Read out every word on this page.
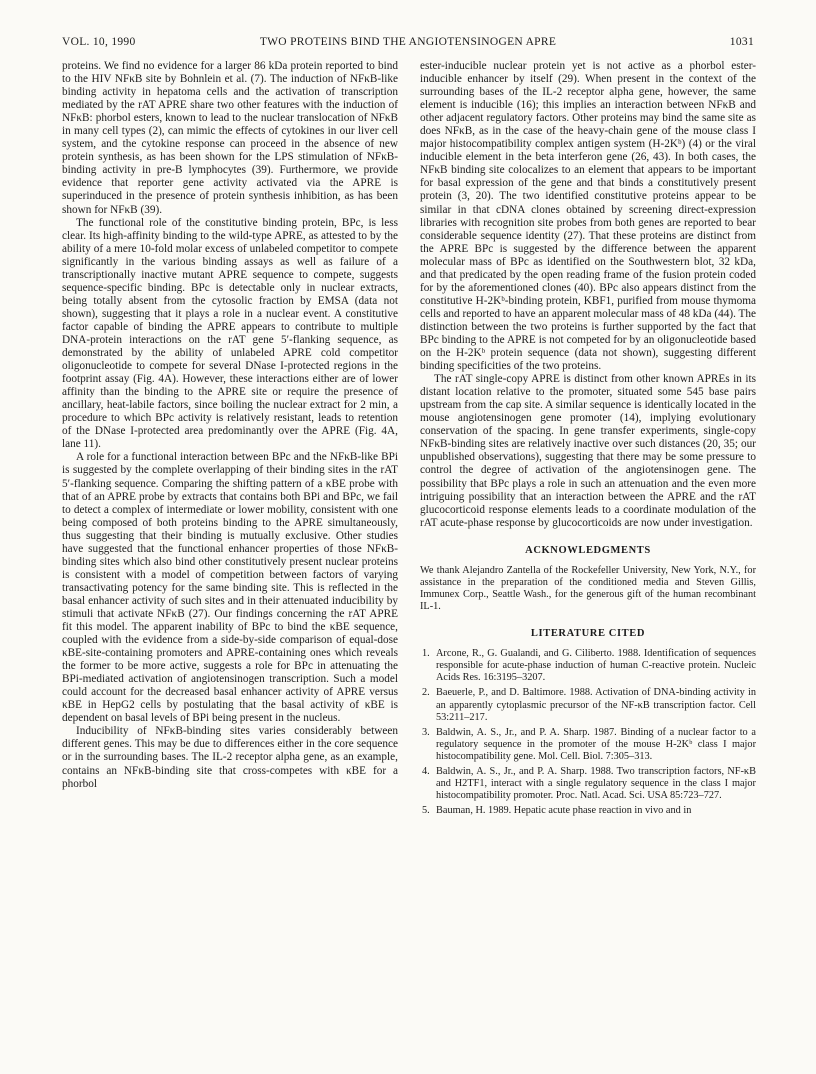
VOL. 10, 1990	TWO PROTEINS BIND THE ANGIOTENSINOGEN APRE	1031

proteins. We find no evidence for a larger 86 kDa protein reported to bind to the HIV NFκB site by Bohnlein et al. (7). The induction of NFκB-like binding activity in hepatoma cells and the activation of transcription mediated by the rAT APRE share two other features with the induction of NFκB: phorbol esters, known to lead to the nuclear translocation of NFκB in many cell types (2), can mimic the effects of cytokines in our liver cell system, and the cytokine response can proceed in the absence of new protein synthesis, as has been shown for the LPS stimulation of NFκB-binding activity in pre-B lymphocytes (39). Furthermore, we provide evidence that reporter gene activity activated via the APRE is superinduced in the presence of protein synthesis inhibition, as has been shown for NFκB (39).

The functional role of the constitutive binding protein, BPc, is less clear. Its high-affinity binding to the wild-type APRE, as attested to by the ability of a mere 10-fold molar excess of unlabeled competitor to compete significantly in the various binding assays as well as failure of a transcriptionally inactive mutant APRE sequence to compete, suggests sequence-specific binding. BPc is detectable only in nuclear extracts, being totally absent from the cytosolic fraction by EMSA (data not shown), suggesting that it plays a role in a nuclear event. A constitutive factor capable of binding the APRE appears to contribute to multiple DNA-protein interactions on the rAT gene 5′-flanking sequence, as demonstrated by the ability of unlabeled APRE cold competitor oligonucleotide to compete for several DNase I-protected regions in the footprint assay (Fig. 4A). However, these interactions either are of lower affinity than the binding to the APRE site or require the presence of ancillary, heat-labile factors, since boiling the nuclear extract for 2 min, a procedure to which BPc activity is relatively resistant, leads to retention of the DNase I-protected area predominantly over the APRE (Fig. 4A, lane 11).

A role for a functional interaction between BPc and the NFκB-like BPi is suggested by the complete overlapping of their binding sites in the rAT 5′-flanking sequence. Comparing the shifting pattern of a κBE probe with that of an APRE probe by extracts that contains both BPi and BPc, we fail to detect a complex of intermediate or lower mobility, consistent with one being composed of both proteins binding to the APRE simultaneously, thus suggesting that their binding is mutually exclusive. Other studies have suggested that the functional enhancer properties of those NFκB-binding sites which also bind other constitutively present nuclear proteins is consistent with a model of competition between factors of varying transactivating potency for the same binding site. This is reflected in the basal enhancer activity of such sites and in their attenuated inducibility by stimuli that activate NFκB (27). Our findings concerning the rAT APRE fit this model. The apparent inability of BPc to bind the κBE sequence, coupled with the evidence from a side-by-side comparison of equal-dose κBE-site-containing promoters and APRE-containing ones which reveals the former to be more active, suggests a role for BPc in attenuating the BPi-mediated activation of angiotensinogen transcription. Such a model could account for the decreased basal enhancer activity of APRE versus κBE in HepG2 cells by postulating that the basal activity of κBE is dependent on basal levels of BPi being present in the nucleus.

Inducibility of NFκB-binding sites varies considerably between different genes. This may be due to differences either in the core sequence or in the surrounding bases. The IL-2 receptor alpha gene, as an example, contains an NFκB-binding site that cross-competes with κBE for a phorbol

ester-inducible nuclear protein yet is not active as a phorbol ester-inducible enhancer by itself (29). When present in the context of the surrounding bases of the IL-2 receptor alpha gene, however, the same element is inducible (16); this implies an interaction between NFκB and other adjacent regulatory factors. Other proteins may bind the same site as does NFκB, as in the case of the heavy-chain gene of the mouse class I major histocompatibility complex antigen system (H-2Kᵇ) (4) or the viral inducible element in the beta interferon gene (26, 43). In both cases, the NFκB binding site colocalizes to an element that appears to be important for basal expression of the gene and that binds a constitutively present protein (3, 20). The two identified constitutive proteins appear to be similar in that cDNA clones obtained by screening direct-expression libraries with recognition site probes from both genes are reported to bear considerable sequence identity (27). That these proteins are distinct from the APRE BPc is suggested by the difference between the apparent molecular mass of BPc as identified on the Southwestern blot, 32 kDa, and that predicated by the open reading frame of the fusion protein coded for by the aforementioned clones (40). BPc also appears distinct from the constitutive H-2Kᵇ-binding protein, KBF1, purified from mouse thymoma cells and reported to have an apparent molecular mass of 48 kDa (44). The distinction between the two proteins is further supported by the fact that BPc binding to the APRE is not competed for by an oligonucleotide based on the H-2Kᵇ protein sequence (data not shown), suggesting different binding specificities of the two proteins.

The rAT single-copy APRE is distinct from other known APREs in its distant location relative to the promoter, situated some 545 base pairs upstream from the cap site. A similar sequence is identically located in the mouse angiotensinogen gene promoter (14), implying evolutionary conservation of the spacing. In gene transfer experiments, single-copy NFκB-binding sites are relatively inactive over such distances (20, 35; our unpublished observations), suggesting that there may be some pressure to control the degree of activation of the angiotensinogen gene. The possibility that BPc plays a role in such an attenuation and the even more intriguing possibility that an interaction between the APRE and the rAT glucocorticoid response elements leads to a coordinate modulation of the rAT acute-phase response by glucocorticoids are now under investigation.

ACKNOWLEDGMENTS

We thank Alejandro Zantella of the Rockefeller University, New York, N.Y., for assistance in the preparation of the conditioned media and Steven Gillis, Immunex Corp., Seattle Wash., for the generous gift of the human recombinant IL-1.

LITERATURE CITED
1. Arcone, R., G. Gualandi, and G. Ciliberto. 1988. Identification of sequences responsible for acute-phase induction of human C-reactive protein. Nucleic Acids Res. 16:3195–3207.
2. Baeuerle, P., and D. Baltimore. 1988. Activation of DNA-binding activity in an apparently cytoplasmic precursor of the NF-κB transcription factor. Cell 53:211–217.
3. Baldwin, A. S., Jr., and P. A. Sharp. 1987. Binding of a nuclear factor to a regulatory sequence in the promoter of the mouse H-2Kᵇ class I major histocompatibility gene. Mol. Cell. Biol. 7:305–313.
4. Baldwin, A. S., Jr., and P. A. Sharp. 1988. Two transcription factors, NF-κB and H2TF1, interact with a single regulatory sequence in the class I major histocompatibility promoter. Proc. Natl. Acad. Sci. USA 85:723–727.
5. Bauman, H. 1989. Hepatic acute phase reaction in vivo and in
